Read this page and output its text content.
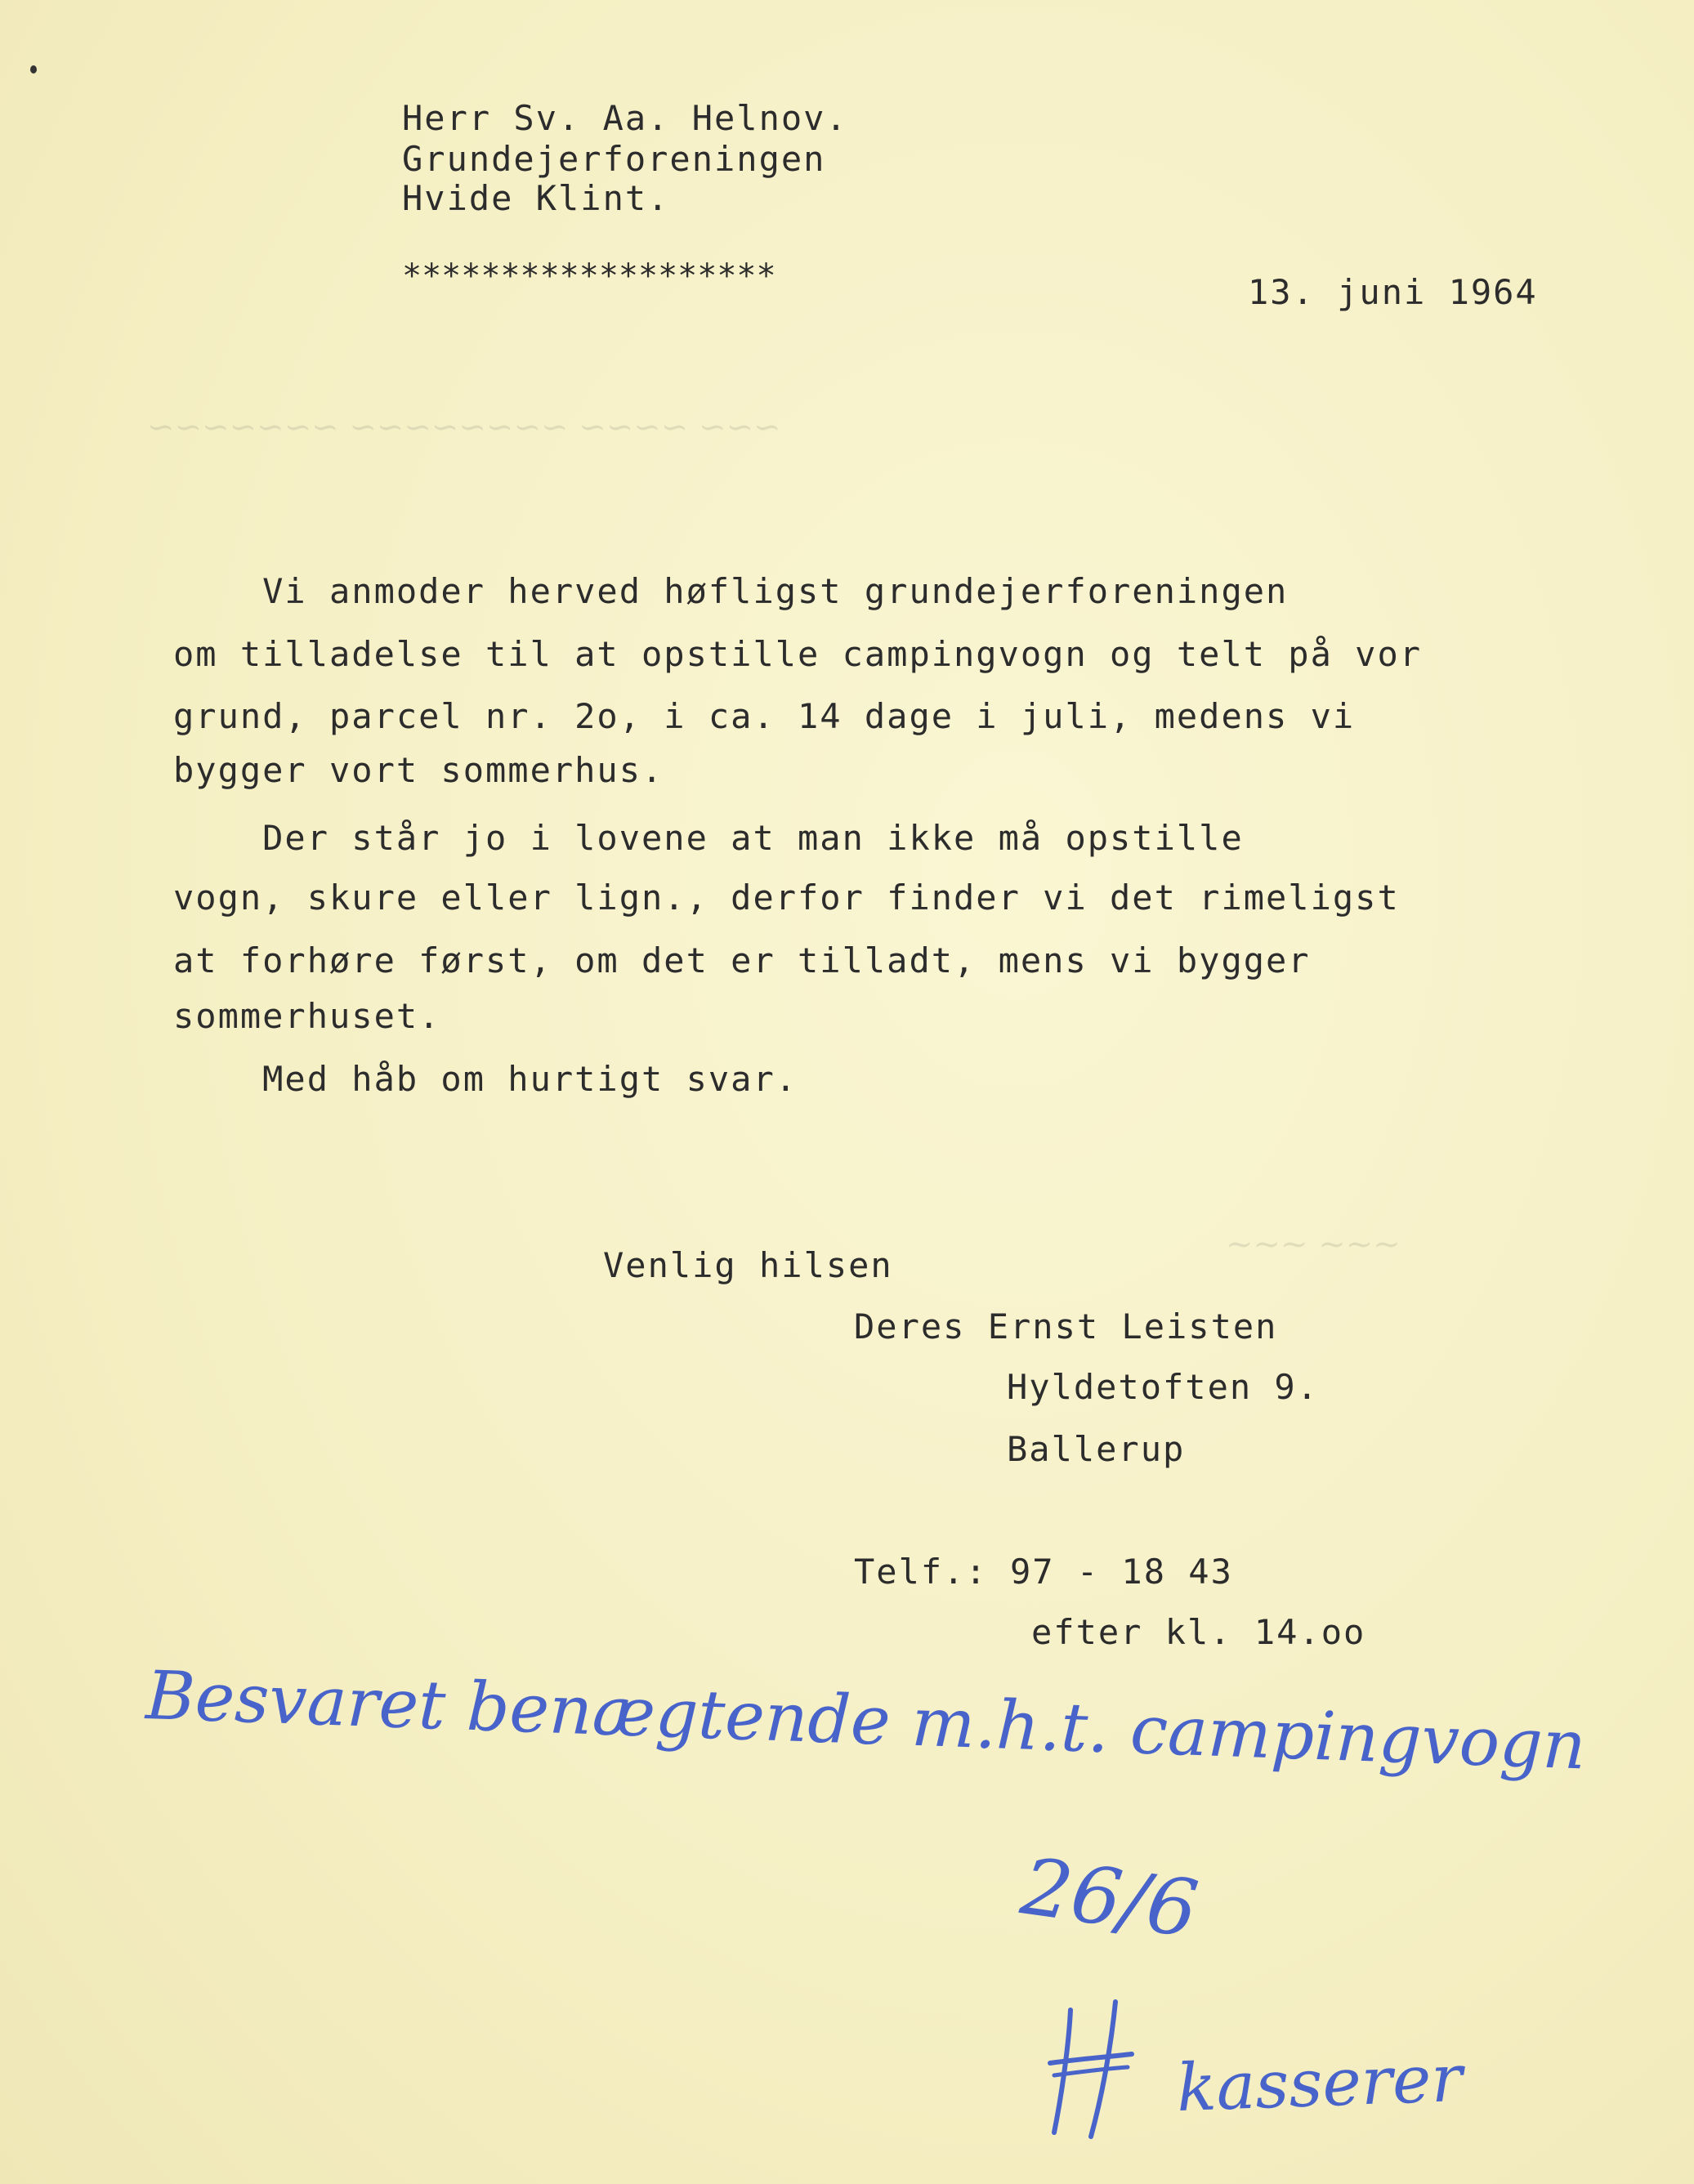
~~~ ~~~~ ~~~~~~~~ ~~~~~~~
~~~ ~~~
Herr Sv. Aa. Helnov.
Grundejerforeningen
Hvide Klint.
*******************	13. juni 1964
Vi anmoder herved høfligst grundejerforeningen
om tilladelse til at opstille campingvogn og telt på vor
grund, parcel nr. 2o, i ca. 14 dage i juli, medens vi
bygger vort sommerhus.
Der står jo i lovene at man ikke må opstille
vogn, skure eller lign., derfor finder vi det rimeligst
at forhøre først, om det er tilladt, mens vi bygger
sommerhuset.
Med håb om hurtigt svar.
Venlig hilsen
Deres Ernst Leisten
Hyldetoften 9.
Ballerup
Telf.: 97 - 18 43
efter kl. 14.oo
Besvaret benægtende m.h.t. campingvogn
26/6
kasserer
